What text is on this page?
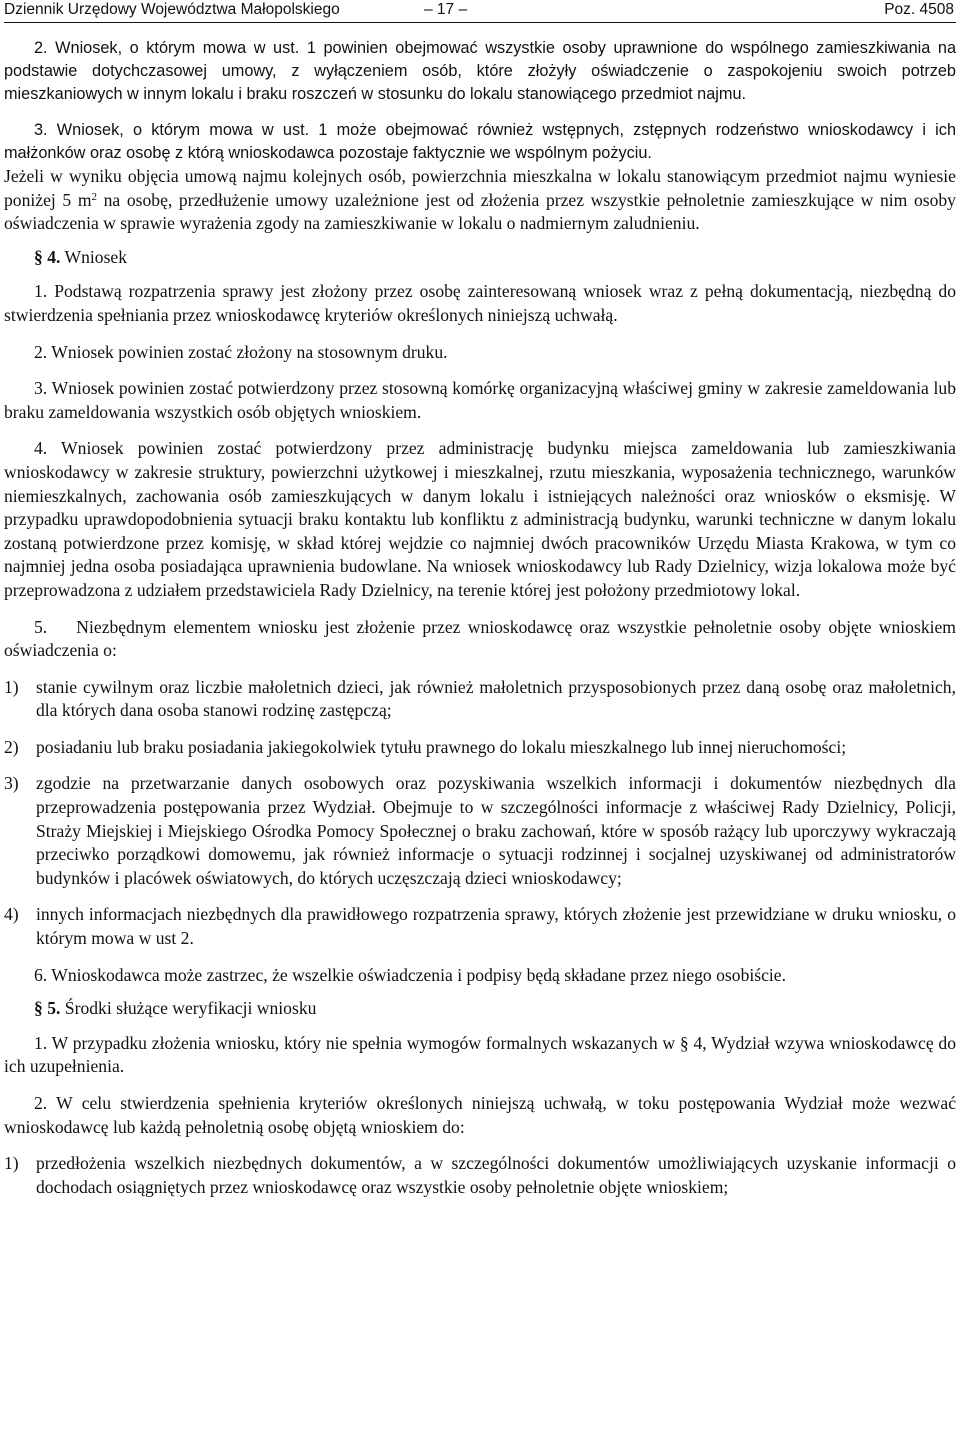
Dziennik Urzędowy Województwa Małopolskiego	– 17 –	Poz. 4508

2. Wniosek, o którym mowa w ust. 1 powinien obejmować wszystkie osoby uprawnione do wspólnego zamieszkiwania na podstawie dotychczasowej umowy, z wyłączeniem osób, które złożyły oświadczenie o zaspokojeniu swoich potrzeb mieszkaniowych w innym lokalu i braku roszczeń w stosunku do lokalu stanowiącego przedmiot najmu.

3. Wniosek, o którym mowa w ust. 1 może obejmować również wstępnych, zstępnych rodzeństwo wnioskodawcy i ich małżonków oraz osobę z którą wnioskodawca pozostaje faktycznie we wspólnym pożyciu.

Jeżeli w wyniku objęcia umową najmu kolejnych osób, powierzchnia mieszkalna w lokalu stanowiącym przedmiot najmu wyniesie poniżej 5 $m^2$ na osobę, przedłużenie umowy uzależnione jest od złożenia przez wszystkie pełnoletnie zamieszkujące w nim osoby oświadczenia w sprawie wyrażenia zgody na zamieszkiwanie w lokalu o nadmiernym zaludnieniu.

§ 4. Wniosek

1. Podstawą rozpatrzenia sprawy jest złożony przez osobę zainteresowaną wniosek wraz z pełną dokumentacją, niezbędną do stwierdzenia spełniania przez wnioskodawcę kryteriów określonych niniejszą uchwałą.

2. Wniosek powinien zostać złożony na stosownym druku.

3. Wniosek powinien zostać potwierdzony przez stosowną komórkę organizacyjną właściwej gminy w zakresie zameldowania lub braku zameldowania wszystkich osób objętych wnioskiem.

4. Wniosek powinien zostać potwierdzony przez administrację budynku miejsca zameldowania lub zamieszkiwania wnioskodawcy w zakresie struktury, powierzchni użytkowej i mieszkalnej, rzutu mieszkania, wyposażenia technicznego, warunków niemieszkalnych, zachowania osób zamieszkujących w danym lokalu i istniejących należności oraz wniosków o eksmisję. W przypadku uprawdopodobnienia sytuacji braku kontaktu lub konfliktu z administracją budynku, warunki techniczne w danym lokalu zostaną potwierdzone przez komisję, w skład której wejdzie co najmniej dwóch pracowników Urzędu Miasta Krakowa, w tym co najmniej jedna osoba posiadająca uprawnienia budowlane. Na wniosek wnioskodawcy lub Rady Dzielnicy, wizja lokalowa może być przeprowadzona z udziałem przedstawiciela Rady Dzielnicy, na terenie której jest położony przedmiotowy lokal.

5.    Niezbędnym elementem wniosku jest złożenie przez wnioskodawcę oraz wszystkie pełnoletnie osoby objęte wnioskiem oświadczenia o:

1) stanie cywilnym oraz liczbie małoletnich dzieci, jak również małoletnich przysposobionych przez daną osobę oraz małoletnich, dla których dana osoba stanowi rodzinę zastępczą;

2) posiadaniu lub braku posiadania jakiegokolwiek tytułu prawnego do lokalu mieszkalnego lub innej nieruchomości;

3) zgodzie na przetwarzanie danych osobowych oraz pozyskiwania wszelkich informacji i dokumentów niezbędnych dla przeprowadzenia postępowania przez Wydział. Obejmuje to w szczególności informacje z właściwej Rady Dzielnicy, Policji, Straży Miejskiej i Miejskiego Ośrodka Pomocy Społecznej o braku zachowań, które w sposób rażący lub uporczywy wykraczają przeciwko porządkowi domowemu, jak również informacje o sytuacji rodzinnej i socjalnej uzyskiwanej od administratorów budynków i placówek oświatowych, do których uczęszczają dzieci wnioskodawcy;

4) innych informacjach niezbędnych dla prawidłowego rozpatrzenia sprawy, których złożenie jest przewidziane w druku wniosku, o którym mowa w ust 2.

6. Wnioskodawca może zastrzec, że wszelkie oświadczenia i podpisy będą składane przez niego osobiście.

§ 5. Środki służące weryfikacji wniosku

1. W przypadku złożenia wniosku, który nie spełnia wymogów formalnych wskazanych w § 4, Wydział wzywa wnioskodawcę do ich uzupełnienia.

2. W celu stwierdzenia spełnienia kryteriów określonych niniejszą uchwałą, w toku postępowania Wydział może wezwać wnioskodawcę lub każdą pełnoletnią osobę objętą wnioskiem do:

1) przedłożenia wszelkich niezbędnych dokumentów, a w szczególności dokumentów umożliwiających uzyskanie informacji o dochodach osiągniętych przez wnioskodawcę oraz wszystkie osoby pełnoletnie objęte wnioskiem;
